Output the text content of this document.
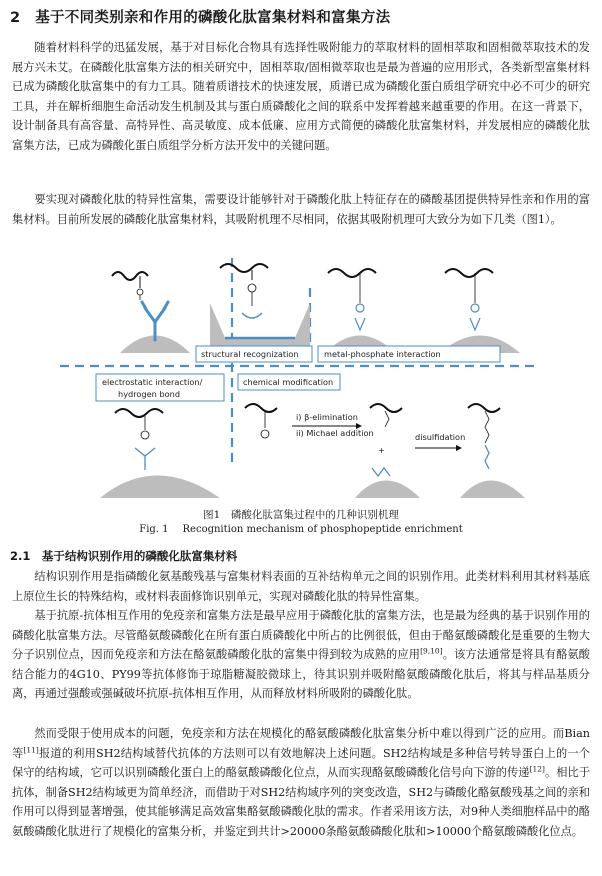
2　基于不同类别亲和作用的磷酸化肽富集材料和富集方法

随着材料科学的迅猛发展，基于对目标化合物具有选择性吸附能力的萃取材料的固相萃取和固相微萃取技术的发展方兴未艾。在磷酸化肽富集方法的相关研究中，固相萃取/固相微萃取也是最为普遍的应用形式，各类新型富集材料已成为磷酸化肽富集中的有力工具。随着质谱技术的快速发展，质谱已成为磷酸化蛋白质组学研究中必不可少的研究工具，并在解析细胞生命活动发生机制及其与蛋白质磷酸化之间的联系中发挥着越来越重要的作用。在这一背景下，设计制备具有高容量、高特异性、高灵敏度、成本低廉、应用方式简便的磷酸化肽富集材料，并发展相应的磷酸化肽富集方法，已成为磷酸化蛋白质组学分析方法开发中的关键问题。

要实现对磷酸化肽的特异性富集，需要设计能够针对于磷酸化肽上特征存在的磷酸基团提供特异性亲和作用的富集材料。目前所发展的磷酸化肽富集材料，其吸附机理不尽相同，依据其吸附机理可大致分为如下几类（图1）。

structural recognization	metal-phosphate interaction
electrostatic interaction/
hydrogen bond
chemical modification
i) β-elimination
ii) Michael addition
+
disulfidation
图1　磷酸化肽富集过程中的几种识别机理
Fig. 1 Recognition mechanism of phosphopeptide enrichment
2.1　基于结构识别作用的磷酸化肽富集材料

结构识别作用是指磷酸化氨基酸残基与富集材料表面的互补结构单元之间的识别作用。此类材料利用其材料基底上原位生长的特殊结构，或材料表面修饰识别单元，实现对磷酸化肽的特异性富集。

基于抗原-抗体相互作用的免疫亲和富集方法是最早应用于磷酸化肽的富集方法，也是最为经典的基于识别作用的磷酸化肽富集方法。尽管酪氨酸磷酸化在所有蛋白质磷酸化中所占的比例很低，但由于酪氨酸磷酸化是重要的生物大分子识别位点，因而免疫亲和方法在酪氨酸磷酸化肽的富集中得到较为成熟的应用[9,10]。该方法通常是将具有酪氨酸结合能力的4G10、PY99等抗体修饰于琼脂糖凝胶微球上，待其识别并吸附酪氨酸磷酸化肽后，将其与样品基质分离，再通过强酸或强碱破坏抗原-抗体相互作用，从而释放材料所吸附的磷酸化肽。

然而受限于使用成本的问题，免疫亲和方法在规模化的酪氨酸磷酸化肽富集分析中难以得到广泛的应用。而Bian等[11]报道的利用SH2结构域替代抗体的方法则可以有效地解决上述问题。SH2结构域是多种信号转导蛋白上的一个保守的结构域，它可以识别磷酸化蛋白上的酪氨酸磷酸化位点，从而实现酪氨酸磷酸化信号向下游的传递[12]。相比于抗体，制备SH2结构域更为简单经济，而借助于对SH2结构域序列的突变改造，SH2与磷酸化酪氨酸残基之间的亲和作用可以得到显著增强，使其能够满足高效富集酪氨酸磷酸化肽的需求。作者采用该方法，对9种人类细胞样品中的酪氨酸磷酸化肽进行了规模化的富集分析，并鉴定到共计>20000条酪氨酸磷酸化肽和>10000个酪氨酸磷酸化位点。
